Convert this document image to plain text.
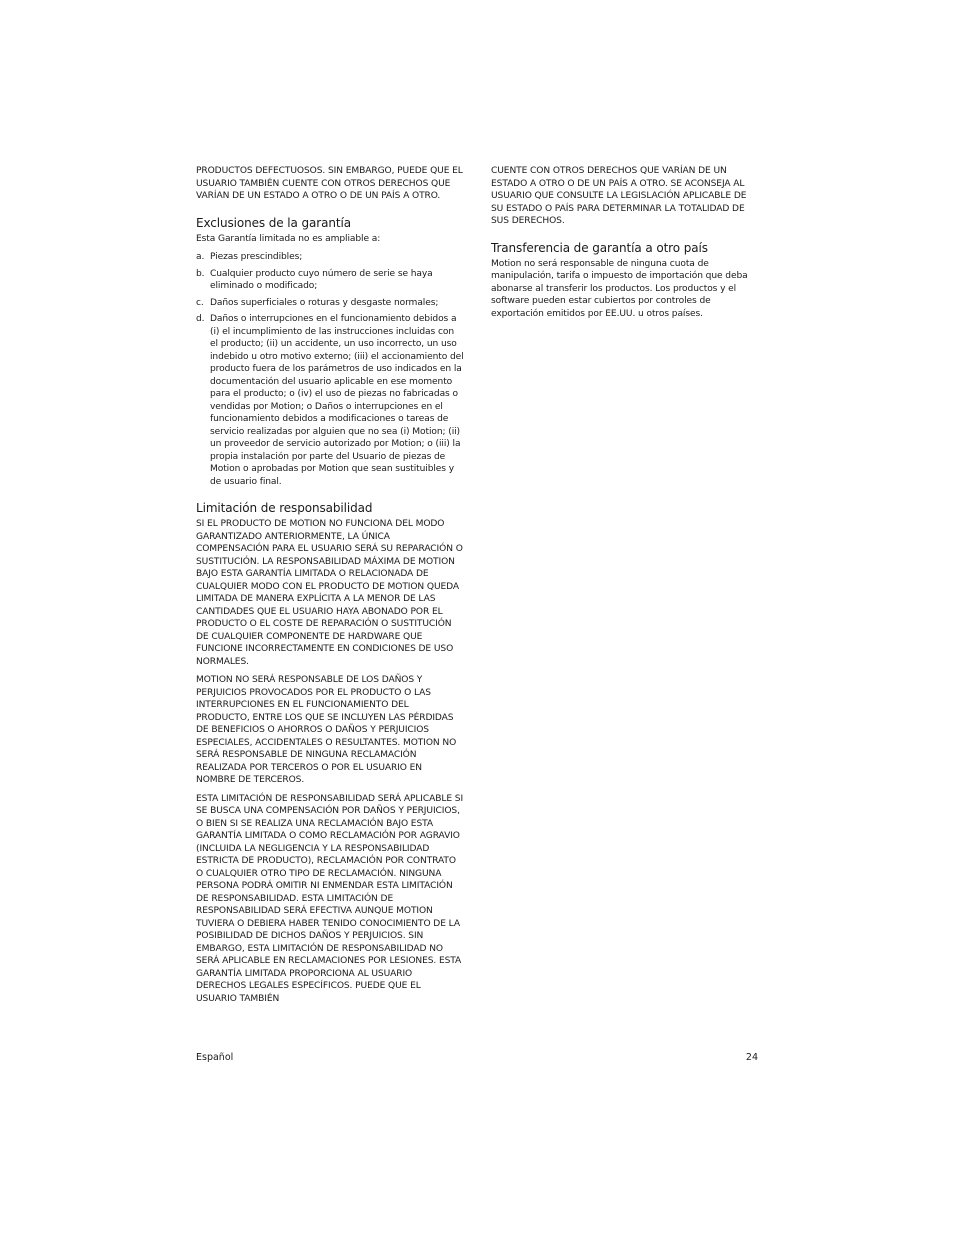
PRODUCTOS DEFECTUOSOS. SIN EMBARGO, PUEDE QUE EL USUARIO TAMBIÉN CUENTE CON OTROS DERECHOS QUE VARÍAN DE UN ESTADO A OTRO O DE UN PAÍS A OTRO.

Exclusiones de la garantía

Esta Garantía limitada no es ampliable a:

a. Piezas prescindibles;
b. Cualquier producto cuyo número de serie se haya eliminado o modificado;
c. Daños superficiales o roturas y desgaste normales;
d. Daños o interrupciones en el funcionamiento debidos a (i) el incumplimiento de las instrucciones incluidas con el producto; (ii) un accidente, un uso incorrecto, un uso indebido u otro motivo externo; (iii) el accionamiento del producto fuera de los parámetros de uso indicados en la documentación del usuario aplicable en ese momento para el producto; o (iv) el uso de piezas no fabricadas o vendidas por Motion; o Daños o interrupciones en el funcionamiento debidos a modificaciones o tareas de servicio realizadas por alguien que no sea (i) Motion; (ii) un proveedor de servicio autorizado por Motion; o (iii) la propia instalación por parte del Usuario de piezas de Motion o aprobadas por Motion que sean sustituibles y de usuario final.
Limitación de responsabilidad

SI EL PRODUCTO DE MOTION NO FUNCIONA DEL MODO GARANTIZADO ANTERIORMENTE, LA ÚNICA COMPENSACIÓN PARA EL USUARIO SERÁ SU REPARACIÓN O SUSTITUCIÓN. LA RESPONSABILIDAD MÁXIMA DE MOTION BAJO ESTA GARANTÍA LIMITADA O RELACIONADA DE CUALQUIER MODO CON EL PRODUCTO DE MOTION QUEDA LIMITADA DE MANERA EXPLÍCITA A LA MENOR DE LAS CANTIDADES QUE EL USUARIO HAYA ABONADO POR EL PRODUCTO O EL COSTE DE REPARACIÓN O SUSTITUCIÓN DE CUALQUIER COMPONENTE DE HARDWARE QUE FUNCIONE INCORRECTAMENTE EN CONDICIONES DE USO NORMALES.

MOTION NO SERÁ RESPONSABLE DE LOS DAÑOS Y PERJUICIOS PROVOCADOS POR EL PRODUCTO O LAS INTERRUPCIONES EN EL FUNCIONAMIENTO DEL PRODUCTO, ENTRE LOS QUE SE INCLUYEN LAS PÉRDIDAS DE BENEFICIOS O AHORROS O DAÑOS Y PERJUICIOS ESPECIALES, ACCIDENTALES O RESULTANTES. MOTION NO SERÁ RESPONSABLE DE NINGUNA RECLAMACIÓN REALIZADA POR TERCEROS O POR EL USUARIO EN NOMBRE DE TERCEROS.

ESTA LIMITACIÓN DE RESPONSABILIDAD SERÁ APLICABLE SI SE BUSCA UNA COMPENSACIÓN POR DAÑOS Y PERJUICIOS, O BIEN SI SE REALIZA UNA RECLAMACIÓN BAJO ESTA GARANTÍA LIMITADA O COMO RECLAMACIÓN POR AGRAVIO (INCLUIDA LA NEGLIGENCIA Y LA RESPONSABILIDAD ESTRICTA DE PRODUCTO), RECLAMACIÓN POR CONTRATO O CUALQUIER OTRO TIPO DE RECLAMACIÓN. NINGUNA PERSONA PODRÁ OMITIR NI ENMENDAR ESTA LIMITACIÓN DE RESPONSABILIDAD. ESTA LIMITACIÓN DE RESPONSABILIDAD SERÁ EFECTIVA AUNQUE MOTION TUVIERA O DEBIERA HABER TENIDO CONOCIMIENTO DE LA POSIBILIDAD DE DICHOS DAÑOS Y PERJUICIOS. SIN EMBARGO, ESTA LIMITACIÓN DE RESPONSABILIDAD NO SERÁ APLICABLE EN RECLAMACIONES POR LESIONES. ESTA GARANTÍA LIMITADA PROPORCIONA AL USUARIO DERECHOS LEGALES ESPECÍFICOS. PUEDE QUE EL USUARIO TAMBIÉN

CUENTE CON OTROS DERECHOS QUE VARÍAN DE UN ESTADO A OTRO O DE UN PAÍS A OTRO. SE ACONSEJA AL USUARIO QUE CONSULTE LA LEGISLACIÓN APLICABLE DE SU ESTADO O PAÍS PARA DETERMINAR LA TOTALIDAD DE SUS DERECHOS.

Transferencia de garantía a otro país

Motion no será responsable de ninguna cuota de manipulación, tarifa o impuesto de importación que deba abonarse al transferir los productos. Los productos y el software pueden estar cubiertos por controles de exportación emitidos por EE.UU. u otros países.

Español	24
